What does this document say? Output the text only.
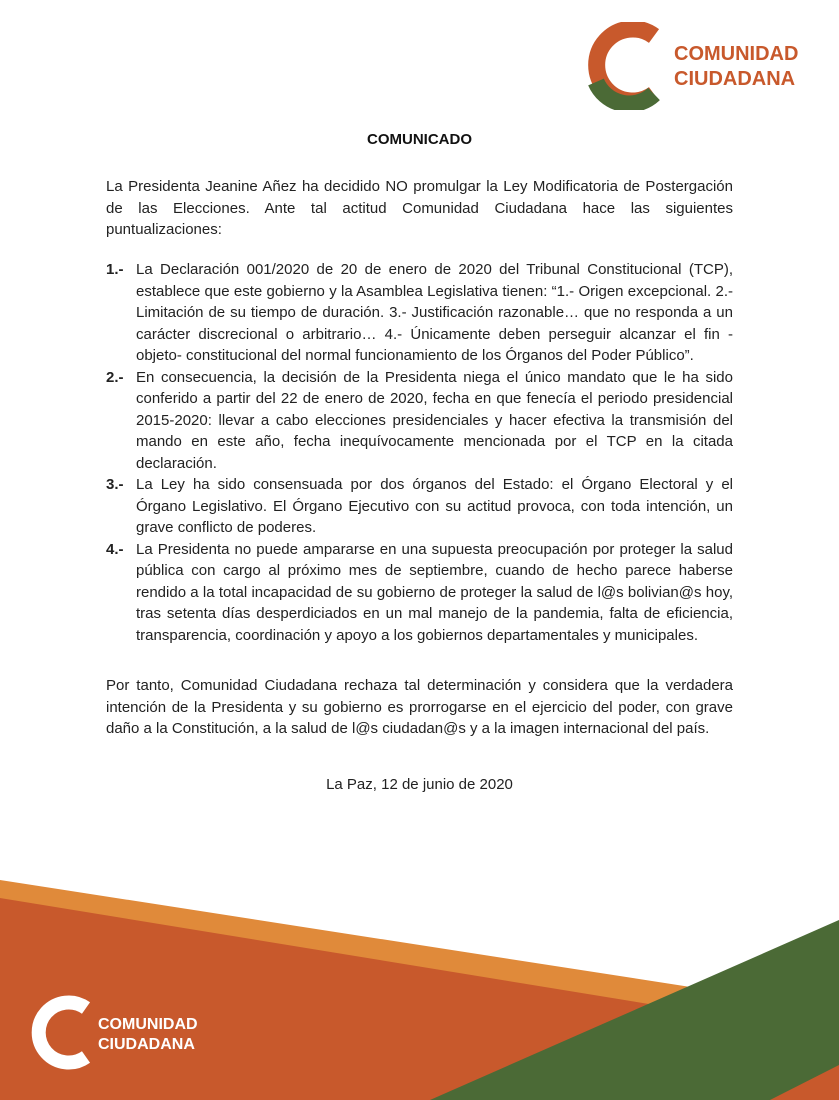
COMUNIDAD
CIUDADANA
COMUNICADO
La Presidenta Jeanine Añez ha decidido NO promulgar la Ley Modificatoria de Postergación de las Elecciones. Ante tal actitud Comunidad Ciudadana hace las siguientes puntualizaciones:
1.- La Declaración 001/2020 de 20 de enero de 2020 del Tribunal Constitucional (TCP), establece que este gobierno y la Asamblea Legislativa tienen: “1.- Origen excepcional. 2.- Limitación de su tiempo de duración. 3.- Justificación razonable… que no responda a un carácter discrecional o arbitrario… 4.- Únicamente deben perseguir alcanzar el fin -objeto- constitucional del normal funcionamiento de los Órganos del Poder Público”.
2.- En consecuencia, la decisión de la Presidenta niega el único mandato que le ha sido conferido a partir del 22 de enero de 2020, fecha en que fenecía el periodo presidencial 2015-2020: llevar a cabo elecciones presidenciales y hacer efectiva la transmisión del mando en este año, fecha inequívocamente mencionada por el TCP en la citada declaración.
3.- La Ley ha sido consensuada por dos órganos del Estado: el Órgano Electoral y el Órgano Legislativo. El Órgano Ejecutivo con su actitud provoca, con toda intención, un grave conflicto de poderes.
4.- La Presidenta no puede ampararse en una supuesta preocupación por proteger la salud pública con cargo al próximo mes de septiembre, cuando de hecho parece haberse rendido a la total incapacidad de su gobierno de proteger la salud de l@s bolivian@s hoy, tras setenta días desperdiciados en un mal manejo de la pandemia, falta de eficiencia, transparencia, coordinación y apoyo a los gobiernos departamentales y municipales.
Por tanto, Comunidad Ciudadana rechaza tal determinación y considera que la verdadera intención de la Presidenta y su gobierno es prorrogarse en el ejercicio del poder, con grave daño a la Constitución, a la salud de l@s ciudadan@s y a la imagen internacional del país.
La Paz, 12 de junio de 2020
COMUNIDAD
CIUDADANA
